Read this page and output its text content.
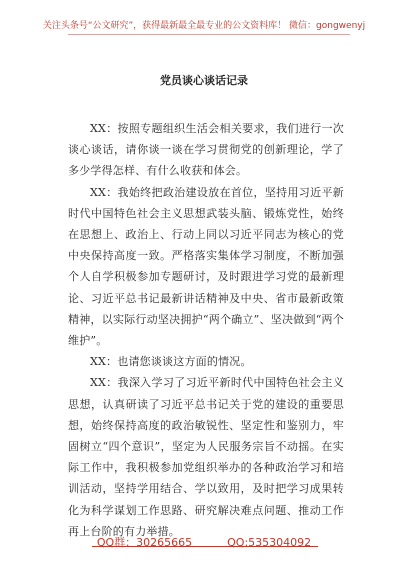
关注头条号“公文研究”，获得最新最全最专业的公文资料库！ 微信：gongwenyj
党员谈心谈话记录

XX：按照专题组织生活会相关要求，我们进行一次谈心谈话，请你谈一谈在学习贯彻党的创新理论，学了多少学得怎样、有什么收获和体会。

XX：我始终把政治建设放在首位，坚持用习近平新时代中国特色社会主义思想武装头脑、锻炼党性，始终在思想上、政治上、行动上同以习近平同志为核心的党中央保持高度一致。严格落实集体学习制度，不断加强个人自学积极参加专题研讨，及时跟进学习党的最新理论、习近平总书记最新讲话精神及中央、省市最新政策精神，以实际行动坚决拥护“两个确立”、坚决做到“两个维护”。

XX：也请您谈谈这方面的情况。

XX：我深入学习了习近平新时代中国特色社会主义思想，认真研读了习近平总书记关于党的建设的重要思想，始终保持高度的政治敏锐性、坚定性和鉴别力，牢固树立“四个意识”，坚定为人民服务宗旨不动摇。在实际工作中，我积极参加党组织举办的各种政治学习和培训活动，坚持学用结合、学以致用，及时把学习成果转化为科学谋划工作思路、研究解决难点问题、推动工作再上台阶的有力举措。

QQ群：30265665          QQ:535304092
